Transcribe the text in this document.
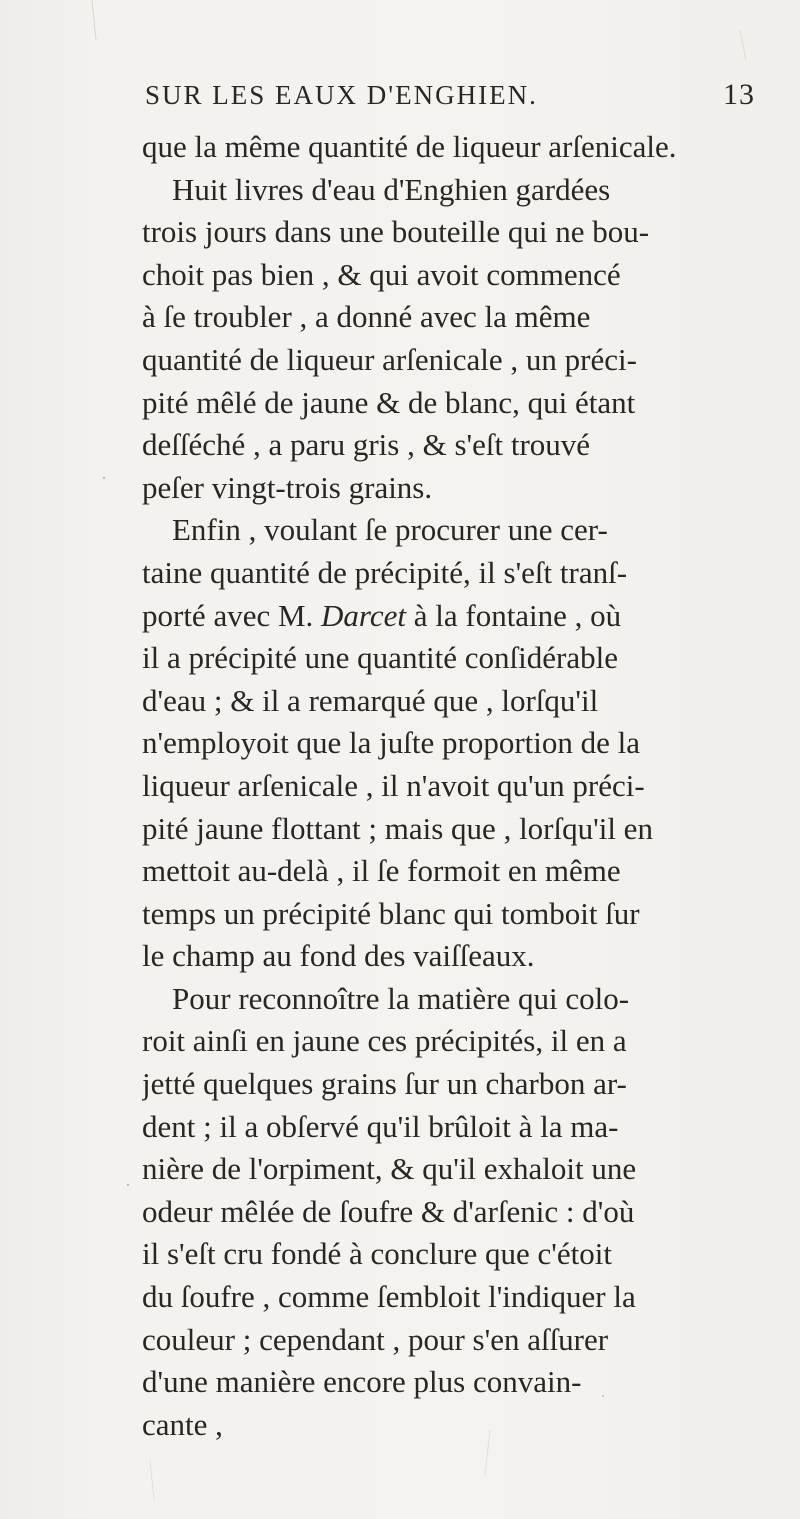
SUR LES EAUX D'ENGHIEN.	13
que la même quantité de liqueur arſenicale.
Huit livres d'eau d'Enghien gardées
trois jours dans une bouteille qui ne bou-
choit pas bien , & qui avoit commencé
à ſe troubler , a donné avec la même
quantité de liqueur arſenicale , un préci-
pité mêlé de jaune & de blanc, qui étant
deſſéché , a paru gris , & s'eſt trouvé
peſer vingt-trois grains.
Enfin , voulant ſe procurer une cer-
taine quantité de précipité, il s'eſt tranſ-
porté avec M. Darcet à la fontaine , où
il a précipité une quantité conſidérable
d'eau ; & il a remarqué que , lorſqu'il
n'employoit que la juſte proportion de la
liqueur arſenicale , il n'avoit qu'un préci-
pité jaune flottant ; mais que , lorſqu'il en
mettoit au-delà , il ſe formoit en même
temps un précipité blanc qui tomboit ſur
le champ au fond des vaiſſeaux.
Pour reconnoître la matière qui colo-
roit ainſi en jaune ces précipités, il en a
jetté quelques grains ſur un charbon ar-
dent ; il a obſervé qu'il brûloit à la ma-
nière de l'orpiment, & qu'il exhaloit une
odeur mêlée de ſoufre & d'arſenic : d'où
il s'eſt cru fondé à conclure que c'étoit
du ſoufre , comme ſembloit l'indiquer la
couleur ; cependant , pour s'en aſſurer
d'une manière encore plus convain-
cante ,
